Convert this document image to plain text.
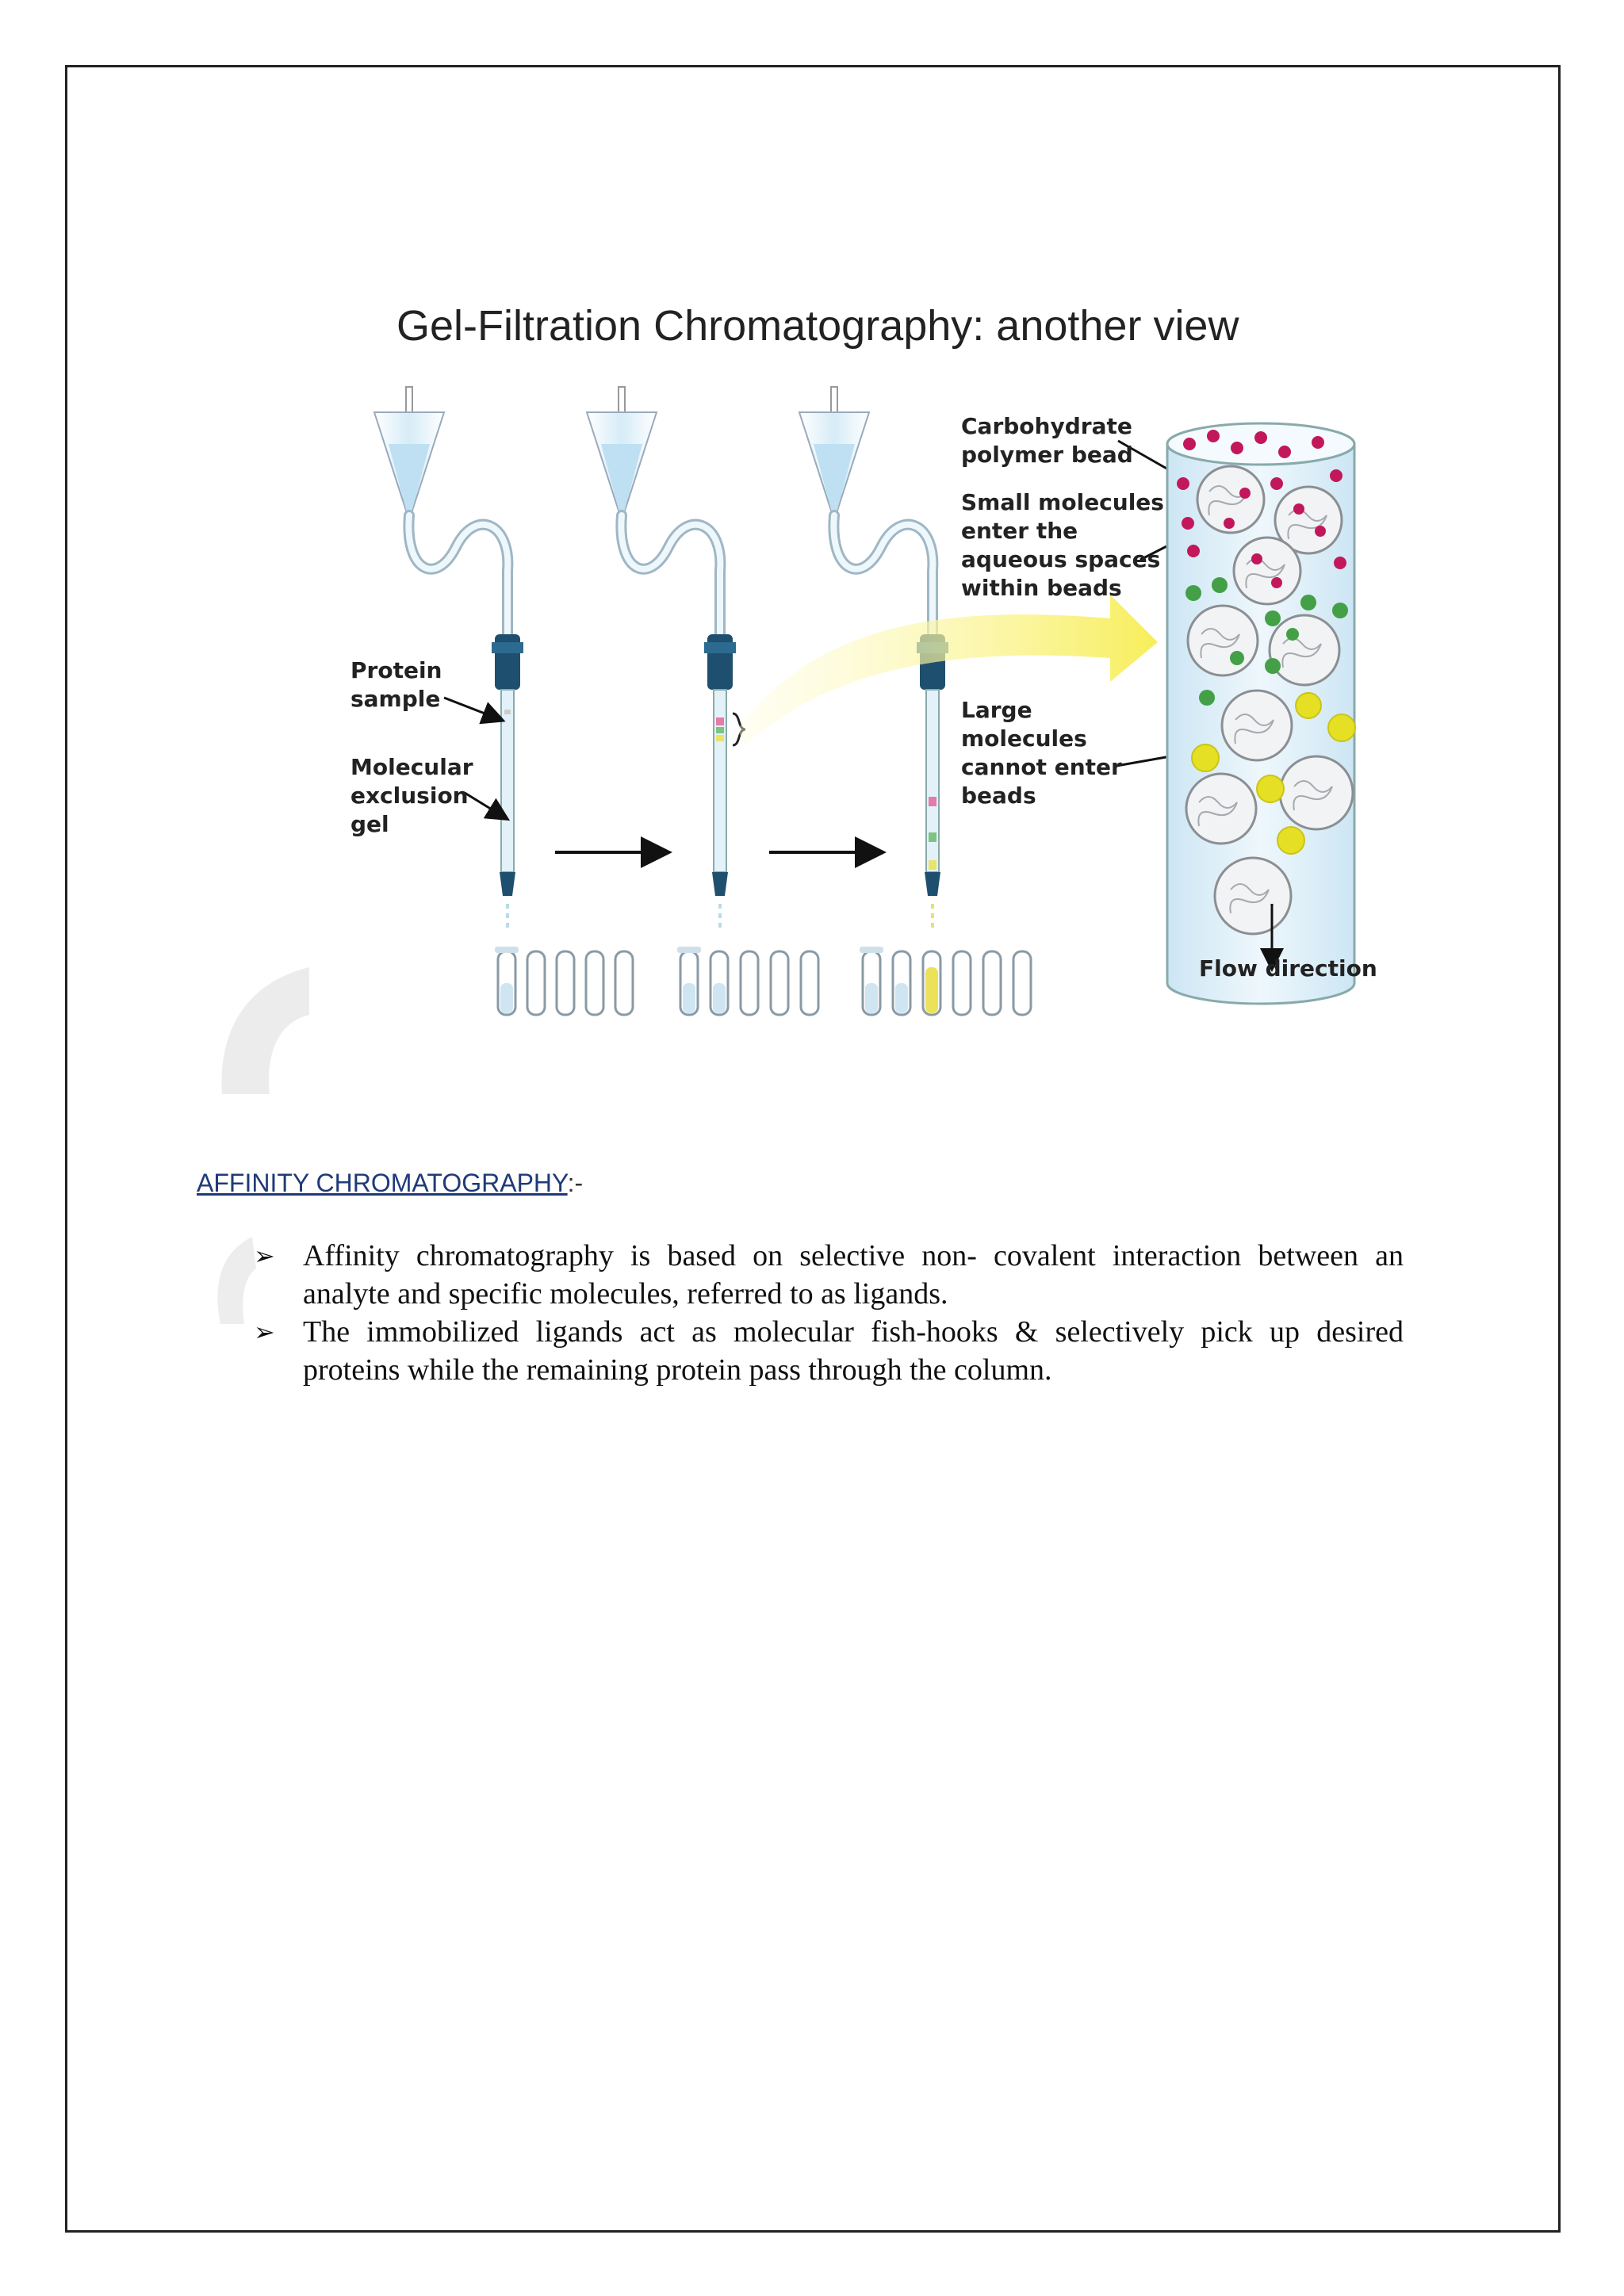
Gel-Filtration Chromatography: another view
Protein
sample
Molecular
exclusion
gel
Carbohydrate
polymer bead
Small molecules
enter the
aqueous spaces
within beads
Large
molecules
cannot enter
beads
Flow direction
AFFINITY CHROMATOGRAPHY:-
➢ Affinity chromatography is based on selective non- covalent interaction between an analyte and specific molecules, referred to as ligands.
➢ The immobilized ligands act as molecular fish-hooks & selectively pick up desired proteins while the remaining protein pass through the column.
